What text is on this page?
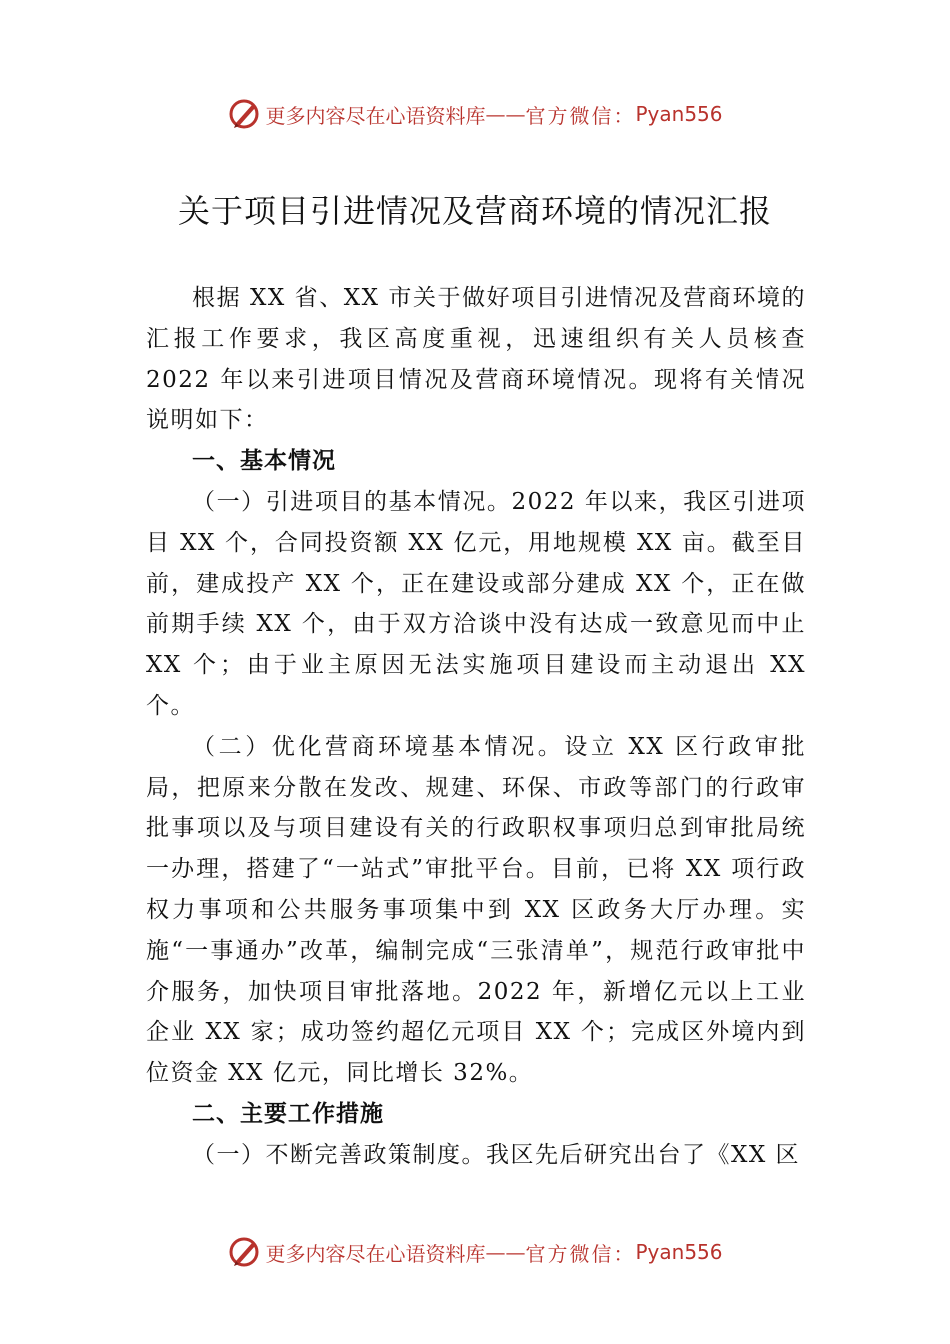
更多内容尽在心语资料库 —— 官方微信： Pyan556
关于项目引进情况及营商环境的情况汇报

根据 XX 省、XX 市关于做好项目引进情况及营商环境的汇报工作要求，我区高度重视，迅速组织有关人员核查 2022 年以来引进项目情况及营商环境情况。现将有关情况说明如下：

一、基本情况

（一）引进项目的基本情况。2022 年以来，我区引进项目 XX 个，合同投资额 XX 亿元，用地规模 XX 亩。截至目前，建成投产 XX 个，正在建设或部分建成 XX 个，正在做前期手续 XX 个，由于双方洽谈中没有达成一致意见而中止 XX 个；由于业主原因无法实施项目建设而主动退出 XX 个。

（二）优化营商环境基本情况。设立 XX 区行政审批局，把原来分散在发改、规建、环保、市政等部门的行政审批事项以及与项目建设有关的行政职权事项归总到审批局统一办理，搭建了“一站式”审批平台。目前，已将 XX 项行政权力事项和公共服务事项集中到 XX 区政务大厅办理。实施“一事通办”改革，编制完成“三张清单”，规范行政审批中介服务，加快项目审批落地。2022 年，新增亿元以上工业企业 XX 家；成功签约超亿元项目 XX 个；完成区外境内到位资金 XX 亿元，同比增长 32%。

二、主要工作措施

（一）不断完善政策制度。我区先后研究出台了《XX 区

更多内容尽在心语资料库 —— 官方微信： Pyan556
